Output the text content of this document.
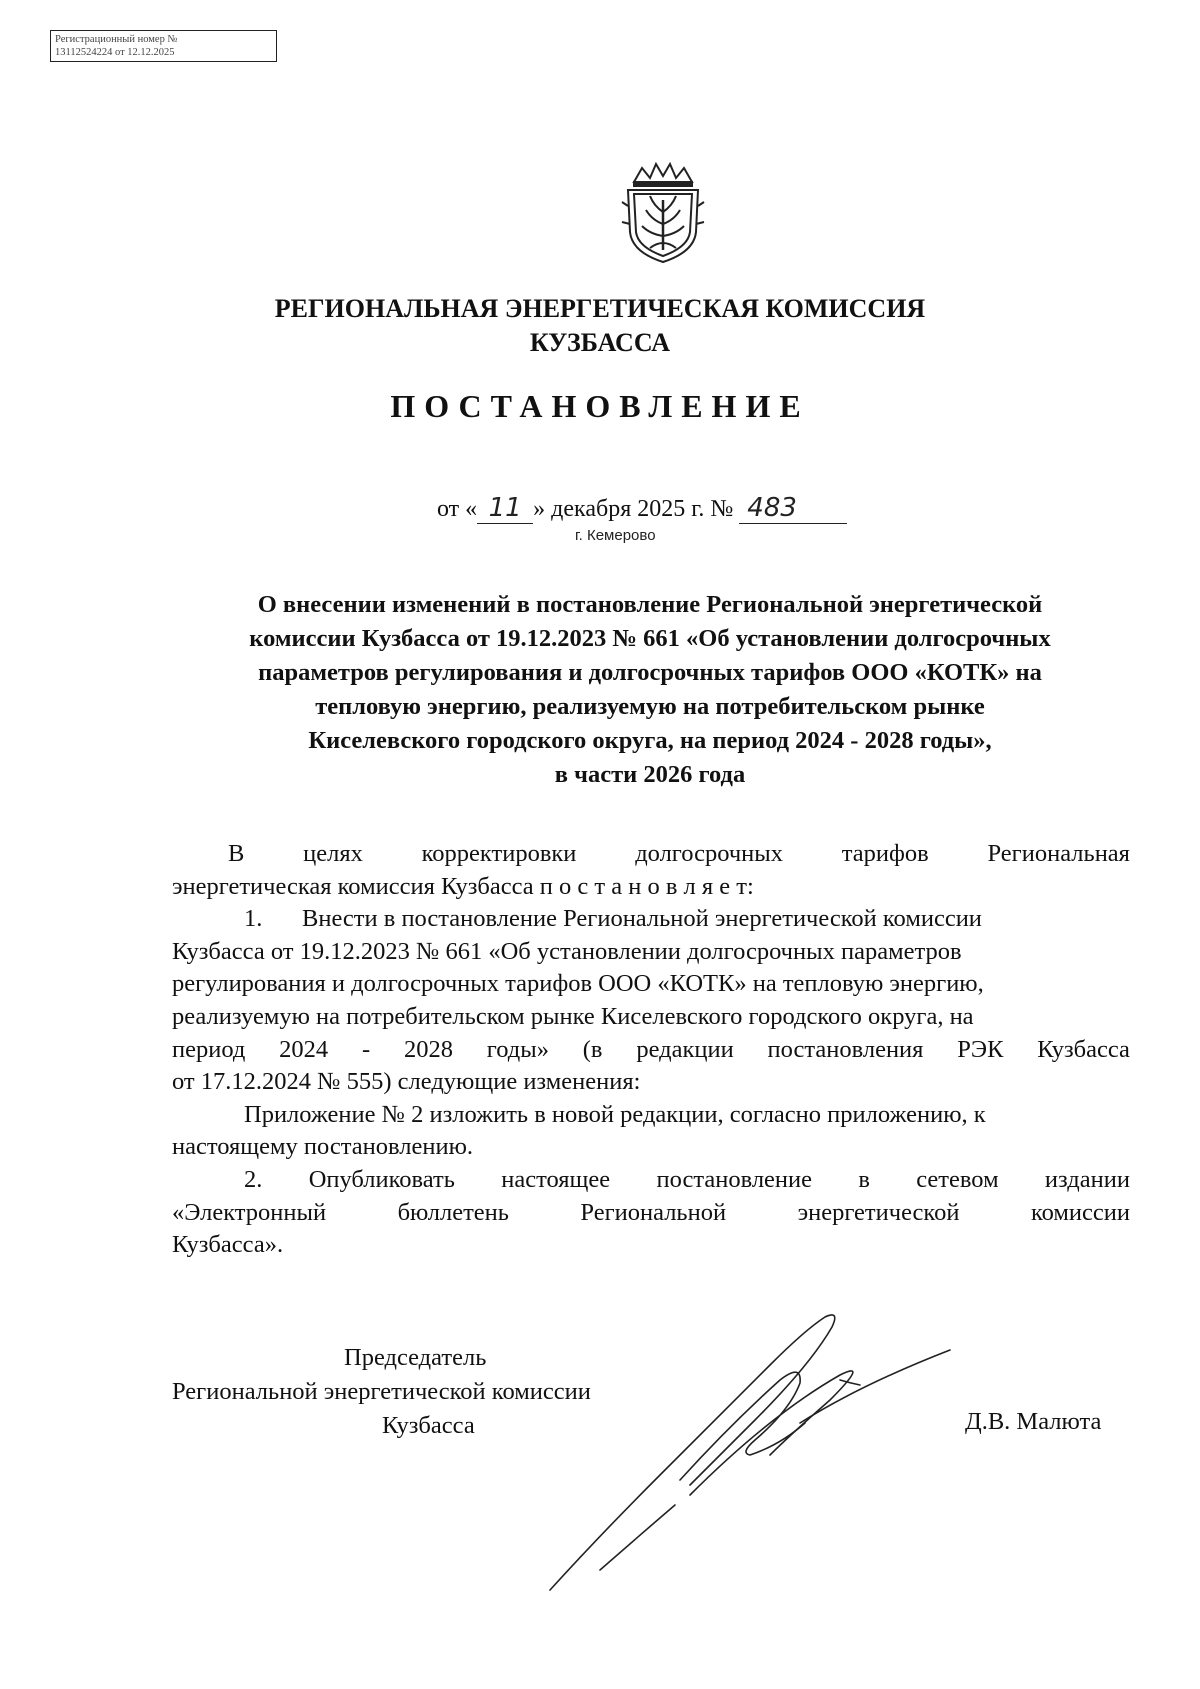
Регистрационный номер №
13112524224 от 12.12.2025
РЕГИОНАЛЬНАЯ ЭНЕРГЕТИЧЕСКАЯ КОМИССИЯ
КУЗБАССА
ПОСТАНОВЛЕНИЕ
от « 11 » декабря 2025 г. № 483
г. Кемерово
О внесении изменений в постановление Региональной энергетической
комиссии Кузбасса от 19.12.2023 № 661 «Об установлении долгосрочных
параметров регулирования и долгосрочных тарифов ООО «КОТК» на
тепловую энергию, реализуемую на потребительском рынке
Киселевского городского округа, на период 2024 - 2028 годы»,
в части 2026 года
В целях корректировки долгосрочных тарифов Региональная
энергетическая комиссия Кузбасса п о с т а н о в л я е т:
1. Внести в постановление Региональной энергетической комиссии
Кузбасса от 19.12.2023 № 661 «Об установлении долгосрочных параметров
регулирования и долгосрочных тарифов ООО «КОТК» на тепловую энергию,
реализуемую на потребительском рынке Киселевского городского округа, на
период 2024 - 2028 годы» (в редакции постановления РЭК Кузбасса
от 17.12.2024 № 555) следующие изменения:
Приложение № 2 изложить в новой редакции, согласно приложению, к
настоящему постановлению.
2. Опубликовать настоящее постановление в сетевом издании
«Электронный	бюллетень	Региональной	энергетической	комиссии
Кузбасса».
Председатель
Региональной энергетической комиссии
Кузбасса	Д.В. Малюта
